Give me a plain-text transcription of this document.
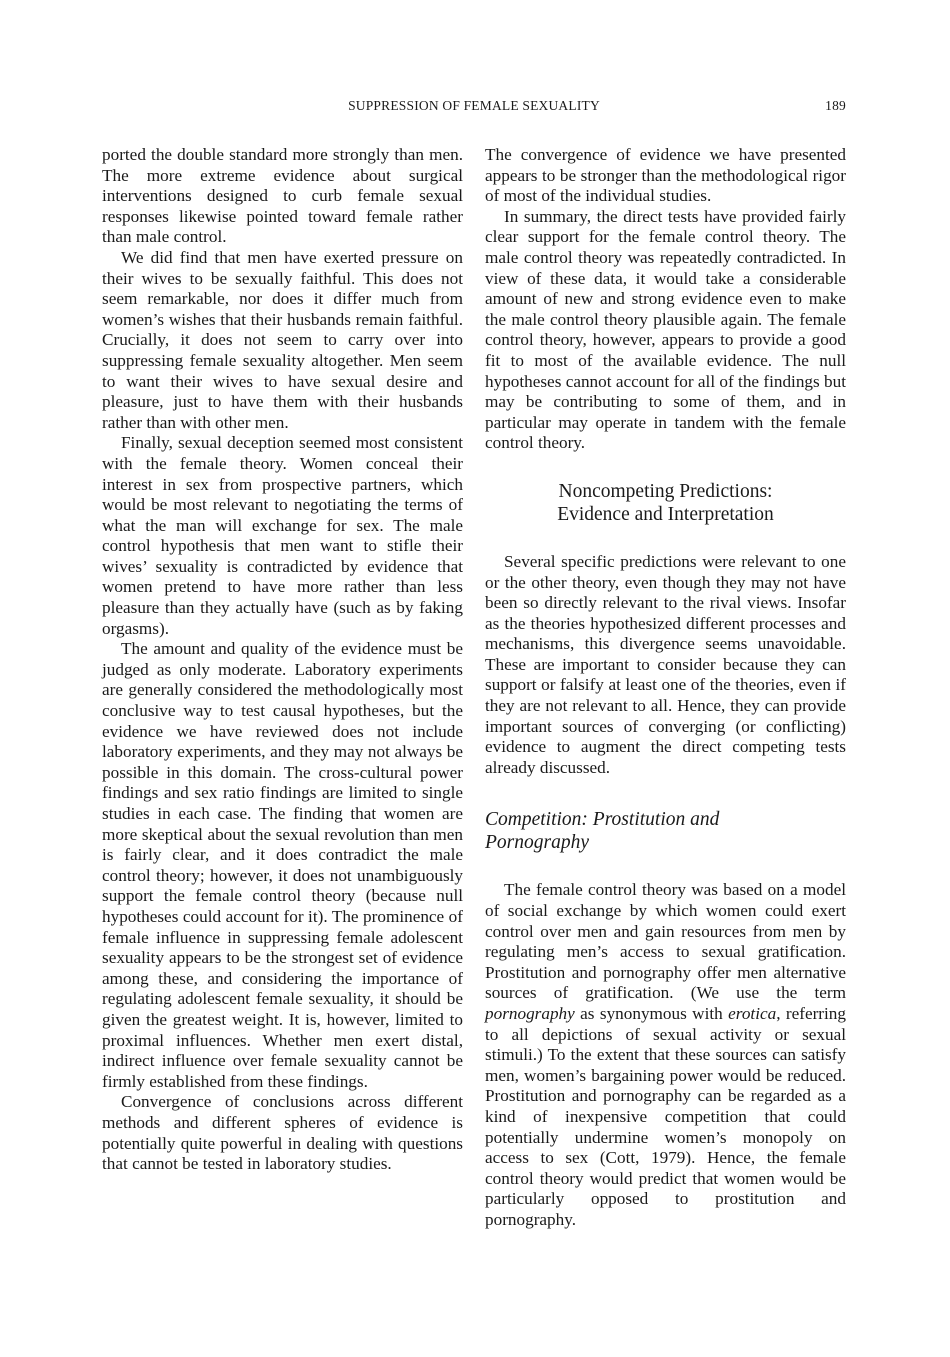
SUPPRESSION OF FEMALE SEXUALITY	189

ported the double standard more strongly than men. The more extreme evidence about surgical interventions designed to curb female sexual responses likewise pointed toward female rather than male control.

We did find that men have exerted pressure on their wives to be sexually faithful. This does not seem remarkable, nor does it differ much from women’s wishes that their husbands remain faithful. Crucially, it does not seem to carry over into suppressing female sexuality altogether. Men seem to want their wives to have sexual desire and pleasure, just to have them with their husbands rather than with other men.

Finally, sexual deception seemed most consistent with the female theory. Women conceal their interest in sex from prospective partners, which would be most relevant to negotiating the terms of what the man will exchange for sex. The male control hypothesis that men want to stifle their wives’ sexuality is contradicted by evidence that women pretend to have more rather than less pleasure than they actually have (such as by faking orgasms).

The amount and quality of the evidence must be judged as only moderate. Laboratory experiments are generally considered the methodologically most conclusive way to test causal hypotheses, but the evidence we have reviewed does not include laboratory experiments, and they may not always be possible in this domain. The cross-cultural power findings and sex ratio findings are limited to single studies in each case. The finding that women are more skeptical about the sexual revolution than men is fairly clear, and it does contradict the male control theory; however, it does not unambiguously support the female control theory (because null hypotheses could account for it). The prominence of female influence in suppressing female adolescent sexuality appears to be the strongest set of evidence among these, and considering the importance of regulating adolescent female sexuality, it should be given the greatest weight. It is, however, limited to proximal influences. Whether men exert distal, indirect influence over female sexuality cannot be firmly established from these findings.

Convergence of conclusions across different methods and different spheres of evidence is potentially quite powerful in dealing with questions that cannot be tested in laboratory studies.

The convergence of evidence we have presented appears to be stronger than the methodological rigor of most of the individual studies.

In summary, the direct tests have provided fairly clear support for the female control theory. The male control theory was repeatedly contradicted. In view of these data, it would take a considerable amount of new and strong evidence even to make the male control theory plausible again. The female control theory, however, appears to provide a good fit to most of the available evidence. The null hypotheses cannot account for all of the findings but may be contributing to some of them, and in particular may operate in tandem with the female control theory.

Noncompeting Predictions:
Evidence and Interpretation

Several specific predictions were relevant to one or the other theory, even though they may not have been so directly relevant to the rival views. Insofar as the theories hypothesized different processes and mechanisms, this divergence seems unavoidable. These are important to consider because they can support or falsify at least one of the theories, even if they are not relevant to all. Hence, they can provide important sources of converging (or conflicting) evidence to augment the direct competing tests already discussed.

Competition: Prostitution and
Pornography

The female control theory was based on a model of social exchange by which women could exert control over men and gain resources from men by regulating men’s access to sexual gratification. Prostitution and pornography offer men alternative sources of gratification. (We use the term pornography as synonymous with erotica, referring to all depictions of sexual activity or sexual stimuli.) To the extent that these sources can satisfy men, women’s bargaining power would be reduced. Prostitution and pornography can be regarded as a kind of inexpensive competition that could potentially undermine women’s monopoly on access to sex (Cott, 1979). Hence, the female control theory would predict that women would be particularly opposed to prostitution and pornography.
